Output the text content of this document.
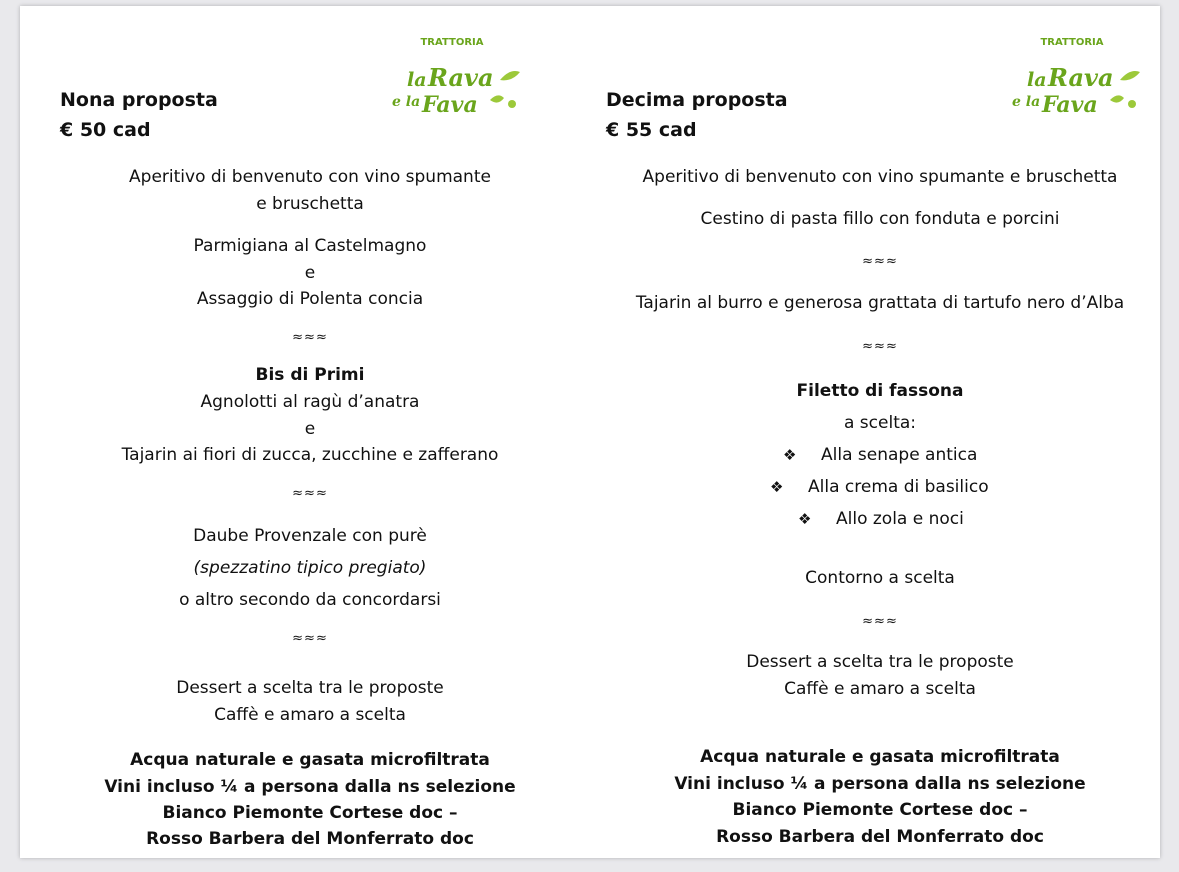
TRATTORIA
la Rava
e la Fava
Nona proposta
€ 50 cad
Aperitivo di benvenuto con vino spumante
e bruschetta
Parmigiana al Castelmagno
e
Assaggio di Polenta concia
≈≈≈
Bis di Primi
Agnolotti al ragù d’anatra
e
Tajarin ai fiori di zucca, zucchine e zafferano
≈≈≈
Daube Provenzale con purè
(spezzatino tipico pregiato)
o altro secondo da concordarsi
≈≈≈
Dessert a scelta tra le proposte
Caffè e amaro a scelta
Acqua naturale e gasata microfiltrata
Vini incluso ¼ a persona dalla ns selezione
Bianco Piemonte Cortese doc –
Rosso Barbera del Monferrato doc
TRATTORIA
la Rava
e la Fava
Decima proposta
€ 55 cad
Aperitivo di benvenuto con vino spumante e bruschetta
Cestino di pasta fillo con fonduta e porcini
≈≈≈
Tajarin al burro e generosa grattata di tartufo nero d’Alba
≈≈≈
Filetto di fassona
a scelta:
❖ Alla senape antica
❖ Alla crema di basilico
❖ Allo zola e noci
Contorno a scelta
≈≈≈
Dessert a scelta tra le proposte
Caffè e amaro a scelta
Acqua naturale e gasata microfiltrata
Vini incluso ¼ a persona dalla ns selezione
Bianco Piemonte Cortese doc –
Rosso Barbera del Monferrato doc
